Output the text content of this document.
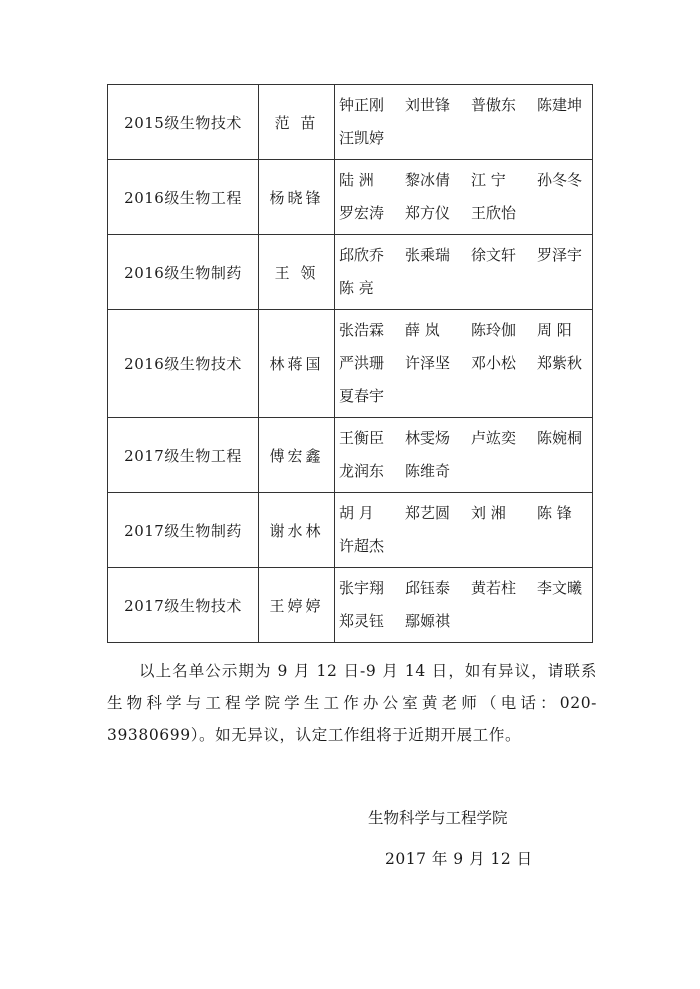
2015级生物技术	范 苗	钟正刚 刘世锋 普傲东 陈建坤
汪凯婷

2016级生物工程	杨晓锋	陆 洲 黎冰倩 江 宁 孙冬冬
罗宏涛 郑方仪 王欣怡

2016级生物制药	王 领	邱欣乔 张乘瑞 徐文轩 罗泽宇
陈 亮

2016级生物技术	林蒋国	张浩霖 薛 岚 陈玲伽 周 阳
严洪珊 许泽坚 邓小松 郑紫秋
夏春宇

2017级生物工程	傅宏鑫	王衡臣 林雯炀 卢竑奕 陈婉桐
龙润东 陈维奇

2017级生物制药	谢水林	胡 月 郑艺圆 刘 湘 陈 锋
许超杰

2017级生物技术	王婷婷	张宇翔 邱钰泰 黄若柱 李文曦
郑灵钰 鄢嫄祺
以上名单公示期为 9 月 12 日-9 月 14 日，如有异议，请联系生物科学与工程学院学生工作办公室黄老师（电话：020-39380699）。如无异议，认定工作组将于近期开展工作。
生物科学与工程学院
2017 年 9 月 12 日
